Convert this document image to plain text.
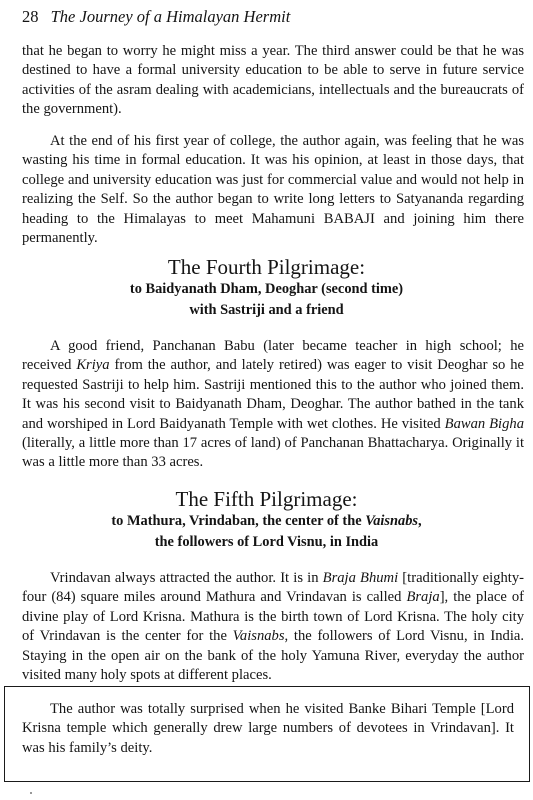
28 The Journey of a Himalayan Hermit

that he began to worry he might miss a year. The third answer could be that he was destined to have a formal university education to be able to serve in future service activities of the asram dealing with academicians, intellectuals and the bureaucrats of the government).

At the end of his first year of college, the author again, was feeling that he was wasting his time in formal education. It was his opinion, at least in those days, that college and university education was just for commercial value and would not help in realizing the Self. So the author began to write long letters to Satyananda regarding heading to the Himalayas to meet Mahamuni BABAJI and joining him there permanently.

The Fourth Pilgrimage:
to Baidyanath Dham, Deoghar (second time)
with Sastriji and a friend

A good friend, Panchanan Babu (later became teacher in high school; he received Kriya from the author, and lately retired) was eager to visit Deoghar so he requested Sastriji to help him. Sastriji mentioned this to the author who joined them. It was his second visit to Baidyanath Dham, Deoghar. The author bathed in the tank and worshiped in Lord Baidyanath Temple with wet clothes. He visited Bawan Bigha (literally, a little more than 17 acres of land) of Panchanan Bhattacharya. Originally it was a little more than 33 acres.

The Fifth Pilgrimage:
to Mathura, Vrindaban, the center of the Vaisnabs,
the followers of Lord Visnu, in India

Vrindavan always attracted the author. It is in Braja Bhumi [traditionally eighty-four (84) square miles around Mathura and Vrindavan is called Braja], the place of divine play of Lord Krisna. Mathura is the birth town of Lord Krisna. The holy city of Vrindavan is the center for the Vaisnabs, the followers of Lord Visnu, in India. Staying in the open air on the bank of the holy Yamuna River, everyday the author visited many holy spots at different places.

The author was totally surprised when he visited Banke Bihari Temple [Lord Krisna temple which generally drew large numbers of devotees in Vrindavan]. It was his family’s deity.
